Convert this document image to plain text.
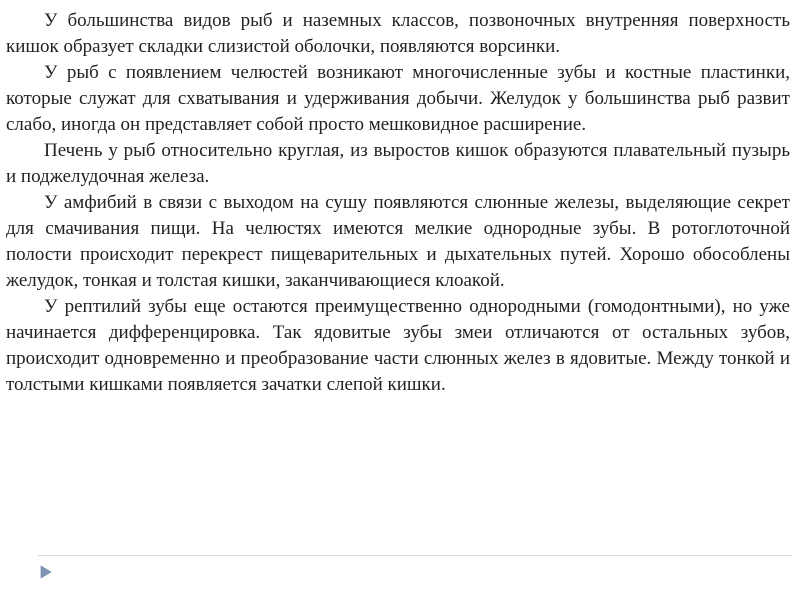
У большинства видов рыб и наземных классов, позвоночных внутренняя поверхность кишок образует складки слизистой оболочки, появляются ворсинки.

У рыб с появлением челюстей возникают многочисленные зубы и костные пластинки, которые служат для схватывания и удерживания добычи. Желудок у большинства рыб развит слабо, иногда он представляет собой просто мешковидное расширение.

Печень у рыб относительно круглая, из выростов кишок образуются плавательный пузырь и поджелудочная железа.

У амфибий в связи с выходом на сушу появляются слюнные железы, выделяющие секрет для смачивания пищи. На челюстях имеются мелкие однородные зубы. В ротоглоточной полости происходит перекрест пищеварительных и дыхательных путей. Хорошо обособлены желудок, тонкая и толстая кишки, заканчивающиеся клоакой.

У рептилий зубы еще остаются преимущественно однородными (гомодонтными), но уже начинается дифференцировка. Так ядовитые зубы змеи отличаются от остальных зубов, происходит одновременно и преобразование части слюнных желез в ядовитые. Между тонкой и толстыми кишками появляется зачатки слепой кишки.
